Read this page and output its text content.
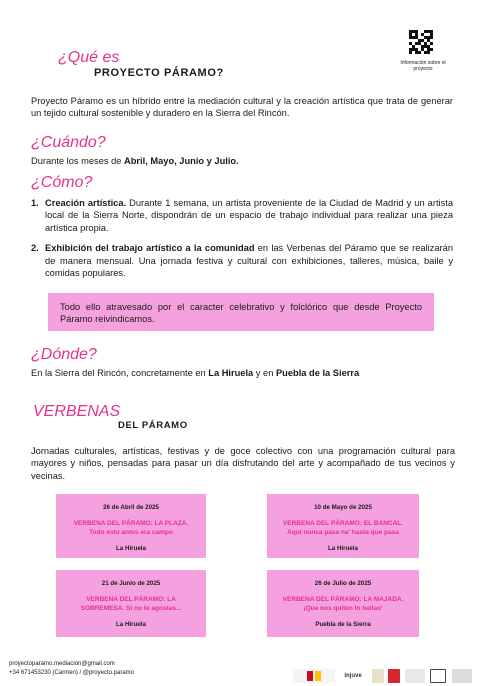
¿Qué es
PROYECTO PÁRAMO?
Información sobre el proyecto

Proyecto Páramo es un híbrido entre la mediación cultural y la creación artística que trata de generar un tejido cultural sostenible y duradero en la Sierra del Rincón.

¿Cuándo?

Durante los meses de Abril, Mayo, Junio y Julio.

¿Cómo?
1. Creación artística. Durante 1 semana, un artista proveniente de la Ciudad de Madrid y un artista local de la Sierra Norte, dispondrán de un espacio de trabajo individual para realizar una pieza artística propia.
2. Exhibición del trabajo artístico a la comunidad en las Verbenas del Páramo que se realizarán de manera mensual. Una jornada festiva y cultural con exhibiciones, talleres, música, baile y comidas populares.
Todo ello atravesado por el caracter celebrativo y folclórico que desde Proyecto Páramo reivindicamos.
¿Dónde?

En la Sierra del Rincón, concretamente en La Hiruela y en Puebla de la Sierra

VERBENAS
DEL PÁRAMO

Jornadas culturales, artísticas, festivas y de goce colectivo con una programación cultural para mayores y niños, pensadas para pasar un día disfrutando del arte y acompañado de tus vecinos y vecinas.

26 de Abril de 2025
VERBENA DEL PÁRAMO: LA PLAZA.
Todo esto antes era campo
La Hiruela
10 de Mayo de 2025
VERBENA DEL PÁRAMO: EL BANCAL.
Aquí nunca pasa na' hasta que pasa
La Hiruela
21 de Junio de 2025
VERBENA DEL PÁRAMO: LA
SOBREMESA. Si no te agostas...
La Hiruela
26 de Julio de 2025
VERBENA DEL PÁRAMO: LA MAJADA.
¡Que nos quiten lo bailao'
Puebla de la Sierra
proyectoparamo.mediacion@gmail.com
+34 671453230 (Carmen) / @proyecto.paramo	injuve
